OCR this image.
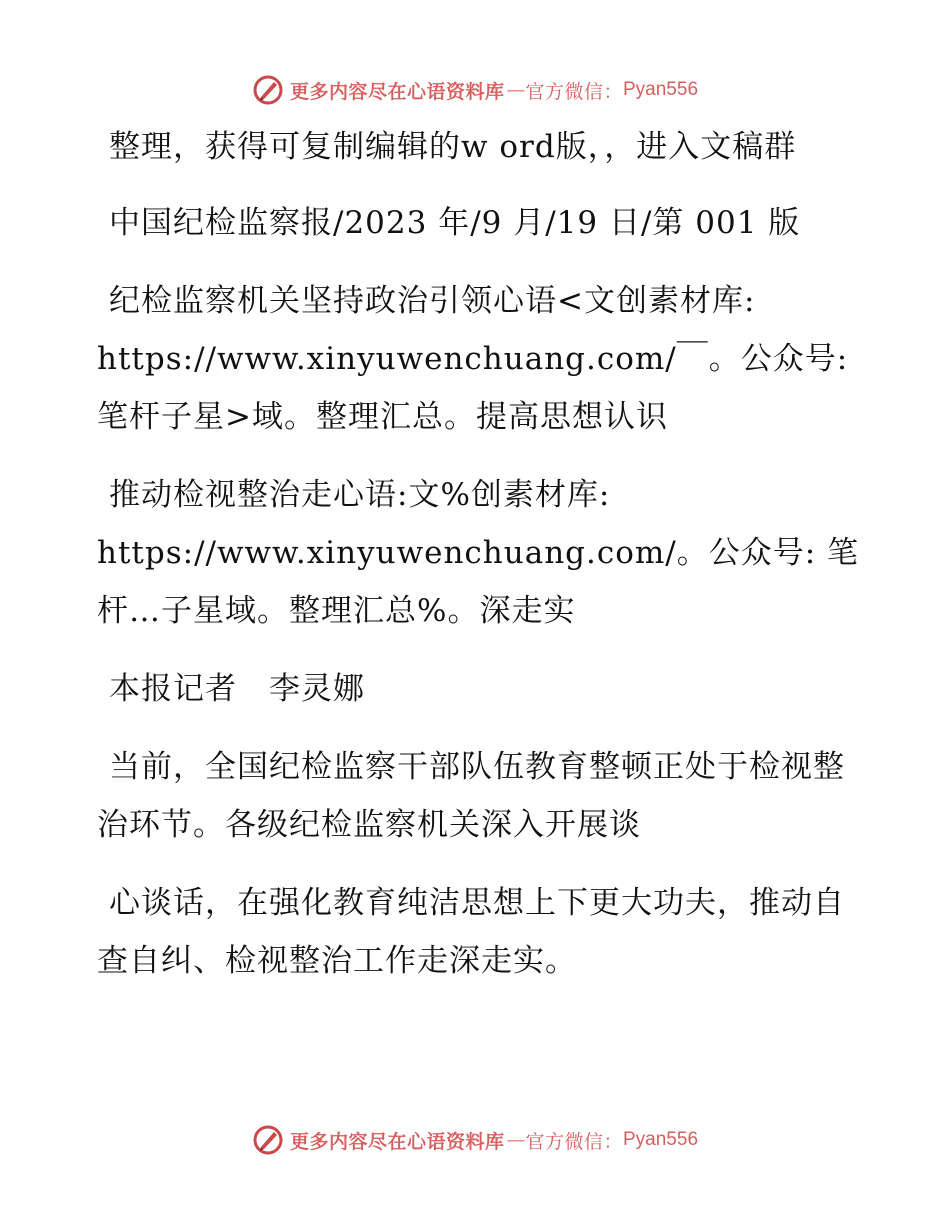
更多内容尽在心语资料库 — 官方微信： Pyan556

整理，获得可复制编辑的w ord版，，进入文稿群

中国纪检监察报/2023 年/9 月/19 日/第 001 版

纪检监察机关坚持政治引领心语<文创素材库: https://www.xinyuwenchuang.com/￣。公众号: 笔杆子星>域。整理汇总。提高思想认识

推动检视整治走心语:文%创素材库: https://www.xinyuwenchuang.com/。公众号: 笔杆…子星域。整理汇总%。深走实

本报记者　李灵娜

当前，全国纪检监察干部队伍教育整顿正处于检视整治环节。各级纪检监察机关深入开展谈

心谈话，在强化教育纯洁思想上下更大功夫，推动自查自纠、检视整治工作走深走实。

更多内容尽在心语资料库 — 官方微信： Pyan556
